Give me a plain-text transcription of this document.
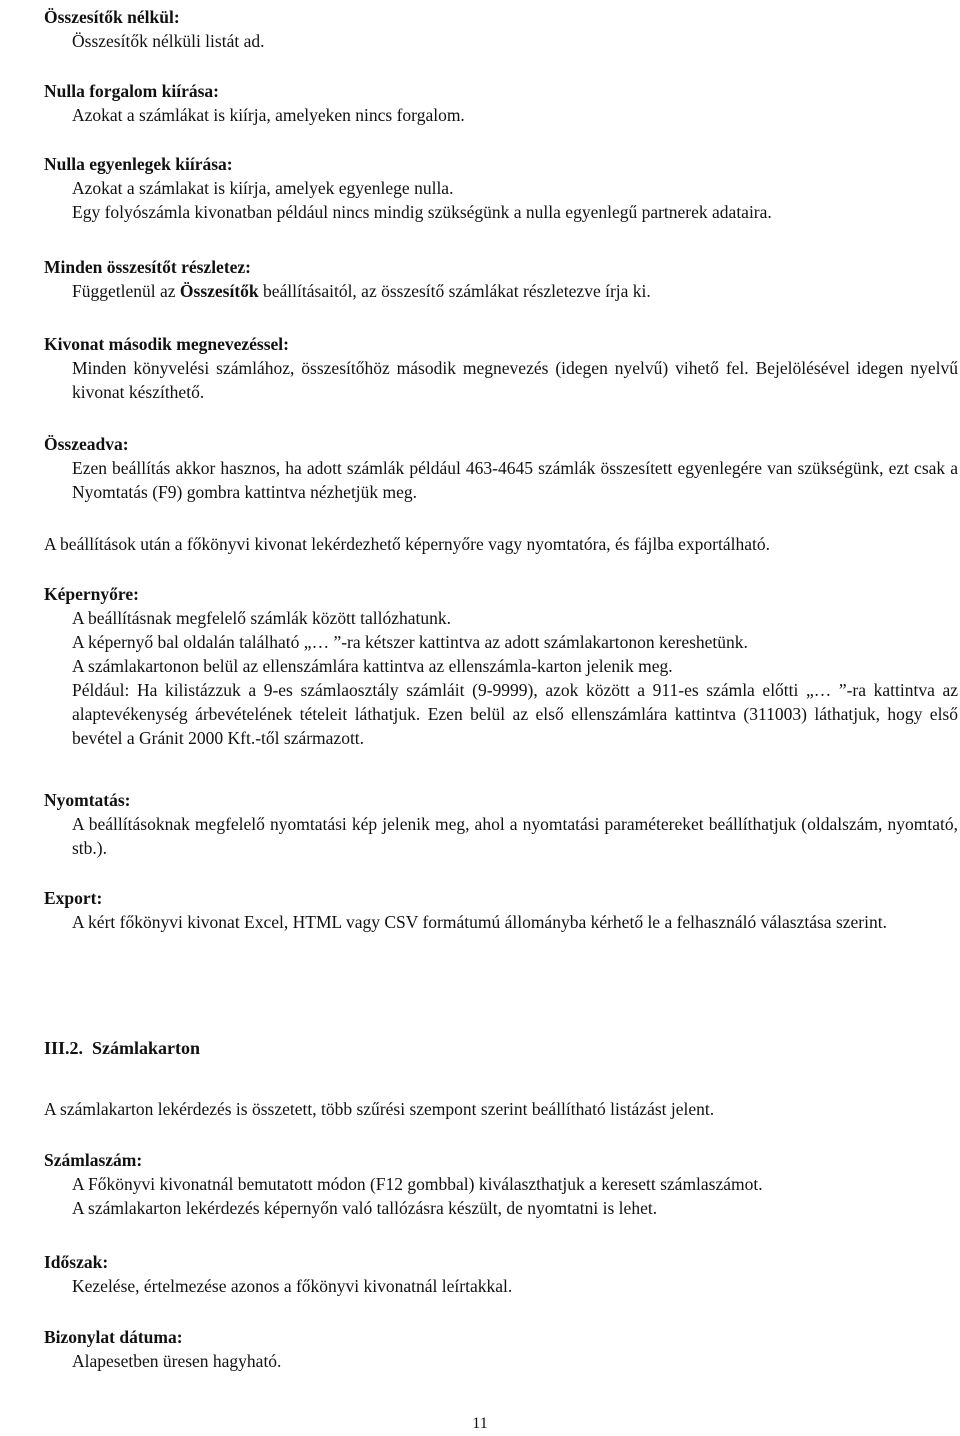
Összesítők nélkül:
Összesítők nélküli listát ad.
Nulla forgalom kiírása:
Azokat a számlákat is kiírja, amelyeken nincs forgalom.
Nulla egyenlegek kiírása:
Azokat a számlakat is kiírja, amelyek egyenlege nulla.
Egy folyószámla kivonatban például nincs mindig szükségünk a nulla egyenlegű partnerek adataira.
Minden összesítőt részletez:
Függetlenül az Összesítők beállításaitól, az összesítő számlákat részletezve írja ki.
Kivonat második megnevezéssel:
Minden könyvelési számlához, összesítőhöz második megnevezés (idegen nyelvű) vihető fel. Bejelölésével idegen nyelvű kivonat készíthető.
Összeadva:
Ezen beállítás akkor hasznos, ha adott számlák például 463-4645 számlák összesített egyenlegére van szükségünk, ezt csak a Nyomtatás (F9) gombra kattintva nézhetjük meg.
A beállítások után a főkönyvi kivonat lekérdezhető képernyőre vagy nyomtatóra, és fájlba exportálható.
Képernyőre:
A beállításnak megfelelő számlák között tallózhatunk.
A képernyő bal oldalán található „… ”-ra kétszer kattintva az adott számlakartonon kereshetünk.
A számlakartonon belül az ellenszámlára kattintva az ellenszámla-karton jelenik meg.
Például: Ha kilistázzuk a 9-es számlaosztály számláit (9-9999), azok között a 911-es számla előtti „… ”-ra kattintva az alaptevékenység árbevételének tételeit láthatjuk. Ezen belül az első ellenszámlára kattintva (311003) láthatjuk, hogy első bevétel a Gránit 2000 Kft.-től származott.
Nyomtatás:
A beállításoknak megfelelő nyomtatási kép jelenik meg, ahol a nyomtatási paramétereket beállíthatjuk (oldalszám, nyomtató, stb.).
Export:
A kért főkönyvi kivonat Excel, HTML vagy CSV formátumú állományba kérhető le a felhasználó választása szerint.
III.2.  Számlakarton
A számlakarton lekérdezés is összetett, több szűrési szempont szerint beállítható listázást jelent.
Számlaszám:
A Főkönyvi kivonatnál bemutatott módon (F12 gombbal) kiválaszthatjuk a keresett számlaszámot.
A számlakarton lekérdezés képernyőn való tallózásra készült, de nyomtatni is lehet.
Időszak:
Kezelése, értelmezése azonos a főkönyvi kivonatnál leírtakkal.
Bizonylat dátuma:
Alapesetben üresen hagyható.
11
